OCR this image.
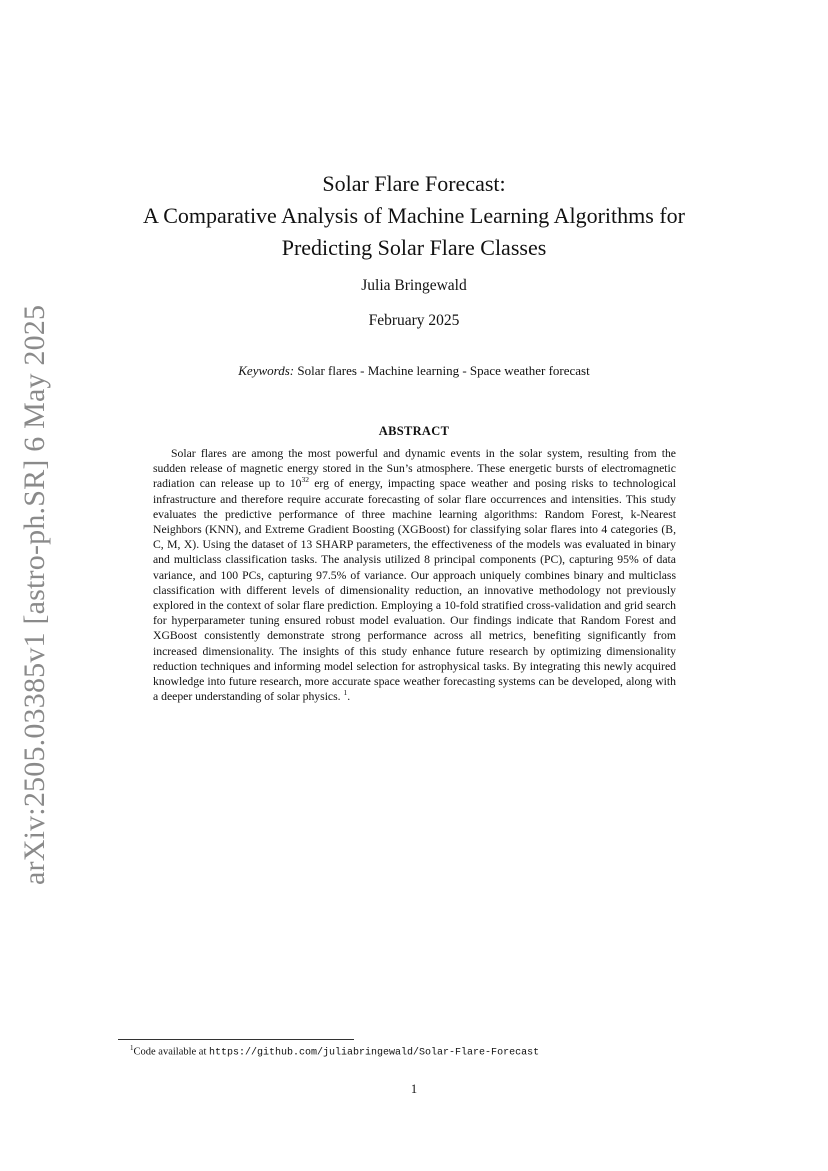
arXiv:2505.03385v1 [astro-ph.SR] 6 May 2025
Solar Flare Forecast:
A Comparative Analysis of Machine Learning Algorithms for
Predicting Solar Flare Classes
Julia Bringewald
February 2025
Keywords: Solar flares - Machine learning - Space weather forecast
ABSTRACT
Solar flares are among the most powerful and dynamic events in the solar system, resulting from the sudden release of magnetic energy stored in the Sun’s atmosphere. These energetic bursts of electromagnetic radiation can release up to $10^{32}$ erg of energy, impacting space weather and posing risks to technological infrastructure and therefore require accurate forecasting of solar flare occurrences and intensities. This study evaluates the predictive performance of three machine learning algorithms: Random Forest, k-Nearest Neighbors (KNN), and Extreme Gradient Boosting (XGBoost) for classifying solar flares into 4 categories (B, C, M, X). Using the dataset of 13 SHARP parameters, the effectiveness of the models was evaluated in binary and multiclass classification tasks. The analysis utilized 8 principal components (PC), capturing 95% of data variance, and 100 PCs, capturing 97.5% of variance. Our approach uniquely combines binary and multiclass classification with different levels of dimensionality reduction, an innovative methodology not previously explored in the context of solar flare prediction. Employing a 10-fold stratified cross-validation and grid search for hyperparameter tuning ensured robust model evaluation. Our findings indicate that Random Forest and XGBoost consistently demonstrate strong performance across all metrics, benefiting significantly from increased dimensionality. The insights of this study enhance future research by optimizing dimensionality reduction techniques and informing model selection for astrophysical tasks. By integrating this newly acquired knowledge into future research, more accurate space weather forecasting systems can be developed, along with a deeper understanding of solar physics. $^1$.
$^1$Code available at https://github.com/juliabringewald/Solar-Flare-Forecast
1
